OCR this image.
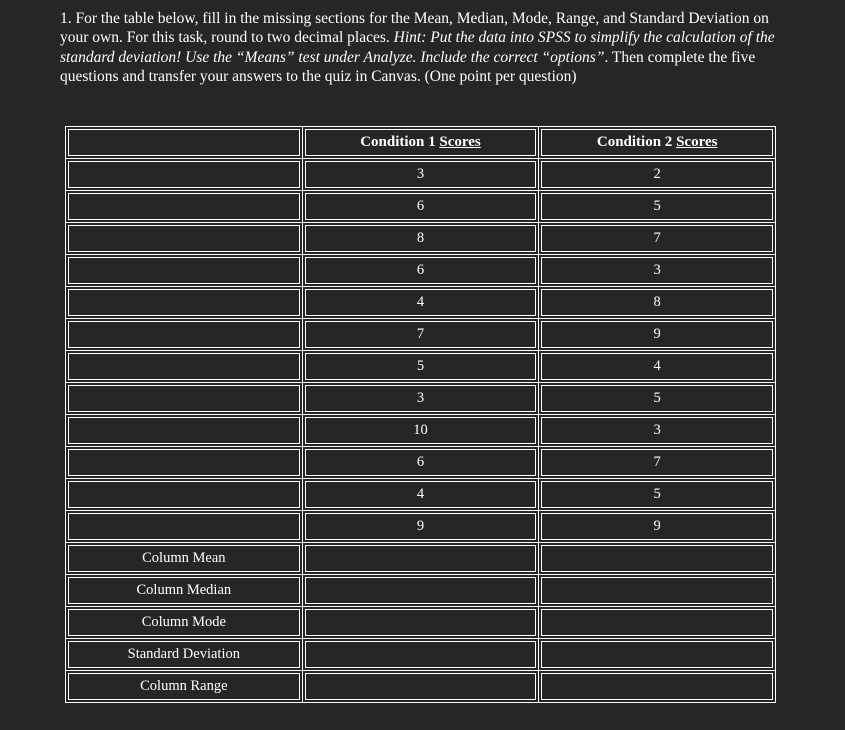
1. For the table below, fill in the missing sections for the Mean, Median, Mode, Range, and Standard Deviation on your own. For this task, round to two decimal places. Hint: Put the data into SPSS to simplify the calculation of the standard deviation! Use the “Means” test under Analyze. Include the correct “options”. Then complete the five questions and transfer your answers to the quiz in Canvas. (One point per question)

	Condition 1 Scores	Condition 2 Scores
	3	2
	6	5
	8	7
	6	3
	4	8
	7	9
	5	4
	3	5
	10	3
	6	7
	4	5
	9	9
Column Mean		
Column Median		
Column Mode		
Standard Deviation		
Column Range		
